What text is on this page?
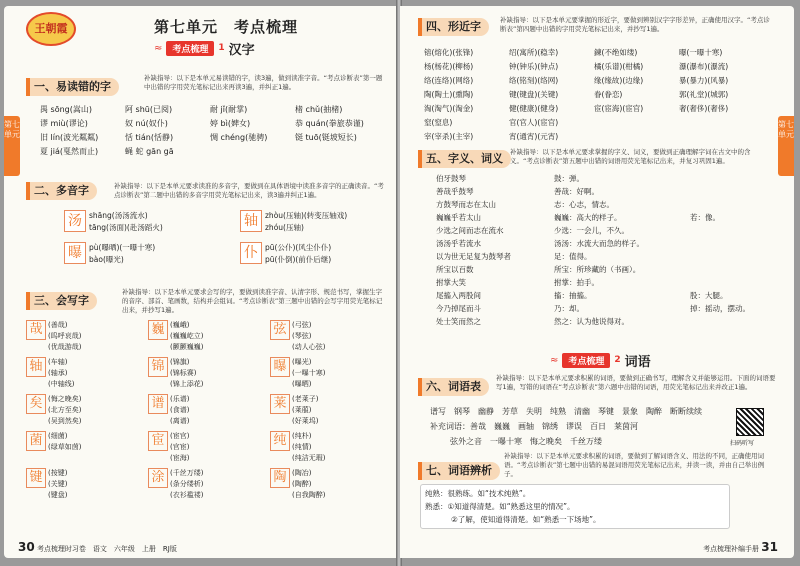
王朝霞	第七单元　考点梳理
第七单元
≈	考点梳理	1 汉字
一、易读错的字
补缺指导：以下是本单元易读错的字，读3遍，做到读准字音。“考点诊断表”第一题中出错的字用荧光笔标记出来再读3遍，并纠正1遍。
禺 sōng(嵩山)	阿 shū(已阅)	耐 jǐ(耐掌)	楮 chǔ(抽楮)
谬 miù(谬论)	奴 nú(奴仆)	婷 bì(婢女)	恭 quán(拳旅恭谨)
旧 lín(波光粼粼)	恬 tián(恬静)	惆 chéng(驰骋)	铤 tuō(铤坡短长)
夏 jiá(戛然而止)	蝇 蛇 gān gā
二、多音字	补缺指导：以下是本单元要求读准的多音字，要做到在具体语境中读准多音字的正确读音。“考点诊断表”第二题中出错的多音字用荧光笔标记出来，读3遍并纠正1遍。
汤 shāng(汤汤流水)
tāng(汤面)(赴汤蹈火)
曝 pù(曝晒)(一曝十寒)
bào(曝光)
轴 zhòu(压轴)(转变压轴戏)
zhóu(压轴)
仆 pū(公仆)(风尘仆仆)
pū(仆倒)(前仆后继)
三、会写字
补缺指导：以下是本单元要求会写的字，要做到读准字音、认清字形、规范书写，掌握生字的音序、部首、笔画数，结构并会组词。“考点诊断表”第三题中出错的会写字用荧光笔标记出来，并抄写1遍。
哉 (善哉)
(呜呼哀哉)
(优哉游哉)
巍 (巍峨)
(巍巍屹立)
(颤颤巍巍)
弦 (弓弦)
(琴弦)
(动人心弦)
轴 (车轴)
(轴承)
(中轴线)
锦 (锦旗)
(锦标赛)
(锦上添花)
曝 (曝光)
(一曝十寒)
(曝晒)
矣 (悔之晚矣)
(北方至矣)
(吴到然矣)
谱 (乐谱)
(食谱)
(离谱)
莱 (老莱子)
(莱菔)
(好莱坞)
菌 (细菌)
(绿草如茵)	宦 (宦官)
(官宦)
(宦海)
纯 (纯朴)
(纯情)
(纯洁无瑕)
键 (按键)
(关键)
(键盘)
涂 (千丝万缕)
(条分缕析)
(衣衫褴褛)
陶 (陶冶)
(陶醉)
(自我陶醉)
30 考点梳理时习卷　语文　六年级　上册　RJ版
第七单元
四、形近字	补缺指导：以下是本单元要掌握的形近字，要做到辨别汉字字形差异，正确使用汉字。“考点诊断表”第四题中出错的字用荧光笔标记出来，并抄写1遍。
镕(熔化)(张锋)	绍(寓所)(稳幸)	鍊(不绝如缕)	曝(一曝十寒)
杨(杨花)(柳杨)	钟(钟乐)(钟点)	橘(乐谱)(柑橘)	瀑(瀑布)(瀑流)
络(连络)(网络)	络(铭刻)(络网)	缘(缘故)(边缘)	暴(暴力)(风暴)
陶(陶土)(熏陶)	键(键盘)(关键)	眷(眷恋)	郭(礼堂)(城郭)
淘(淘气)(淘金)	健(健康)(健身)	宦(宦海)(宦官)	奢(奢侈)(奢侈)
窒(窒息)	官(官人)(宦官)
宰(宰杀)(主宰)	宵(通宵)(元宵)
五、字义、词义	补缺指导：以下是本单元要求掌握的字义、词义，要做到正确理解字词在古文中的含义。“考点诊断表”第五题中出错的词语用荧光笔标记出来，并复习巩固1遍。
伯牙鼓琴	鼓：弹。
善哉乎鼓琴	善哉：好啊。
方鼓琴而志在太山	志：心志，情志。
巍巍乎若太山	巍巍：高大的样子。	若：像。
少选之间而志在流水	少选：一会儿，不久。
汤汤乎若流水	汤汤：水流大而急的样子。
以为世无足复为鼓琴者	足：值得。
所宝以百数	所宝：所珍藏的（书画）。
拊掌大笑	拊掌：拍手。
尾搐入两股间	搐：抽搐。	股：大腿。
今乃掉尾而斗	乃：却。	掉：摇动，摆动。
处士笑而然之	然之：认为他说得对。
≈	考点梳理	2 词语
六、词语表
补缺指导：以下是本单元要求积累的词语，要做到正确书写，理解含义并能够运用。下面的词语要写1遍，写错的词语在“考点诊断表”第六题中出错的词语，用荧光笔标记出来并改正1遍。
谱写　钢琴　幽静　芳草　失明　纯熟　清幽　琴键　景象　陶醉　断断续续
补充词语：善哉　巍巍　画轴　锦绣　谬误　百日　莱茵河
弦外之音　一曝十寒　悔之晚矣　千丝万缕	扫码听写
七、词语辨析
补缺指导：以下是本单元要求积累的词语，要做到了解词语含义、用法的不同，正确使用词语。“考点诊断表”第七题中出错的易混词语用荧光笔标记出来，并读一读，并由自己举出例子。
纯熟：很熟练。如“技术纯熟”。
熟悉：①知道得清楚。如“熟悉这里的情况”。
②了解，使知道得清楚。如“熟悉一下场地”。
考点梳理补编手册 31
